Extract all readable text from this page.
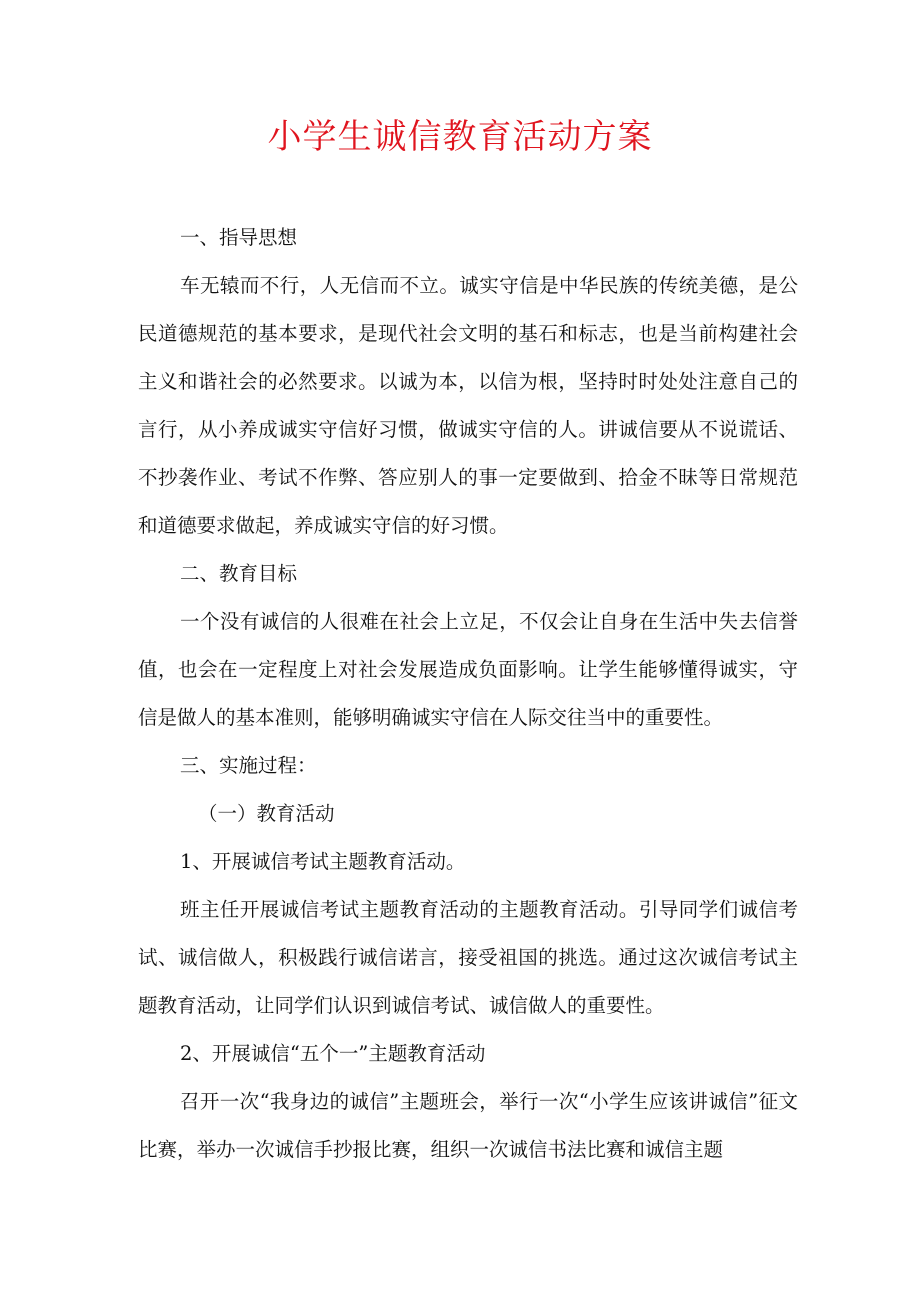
小学生诚信教育活动方案

一、指导思想

车无辕而不行，人无信而不立。诚实守信是中华民族的传统美德，是公民道德规范的基本要求，是现代社会文明的基石和标志，也是当前构建社会主义和谐社会的必然要求。以诚为本，以信为根，坚持时时处处注意自己的言行，从小养成诚实守信好习惯，做诚实守信的人。讲诚信要从不说谎话、不抄袭作业、考试不作弊、答应别人的事一定要做到、拾金不昧等日常规范和道德要求做起，养成诚实守信的好习惯。

二、教育目标

一个没有诚信的人很难在社会上立足，不仅会让自身在生活中失去信誉值，也会在一定程度上对社会发展造成负面影响。让学生能够懂得诚实，守信是做人的基本准则，能够明确诚实守信在人际交往当中的重要性。

三、实施过程：

（一）教育活动

1、开展诚信考试主题教育活动。

班主任开展诚信考试主题教育活动的主题教育活动。引导同学们诚信考试、诚信做人，积极践行诚信诺言，接受祖国的挑选。通过这次诚信考试主题教育活动，让同学们认识到诚信考试、诚信做人的重要性。

2、开展诚信“五个一”主题教育活动

召开一次“我身边的诚信”主题班会，举行一次“小学生应该讲诚信”征文比赛，举办一次诚信手抄报比赛，组织一次诚信书法比赛和诚信主题
